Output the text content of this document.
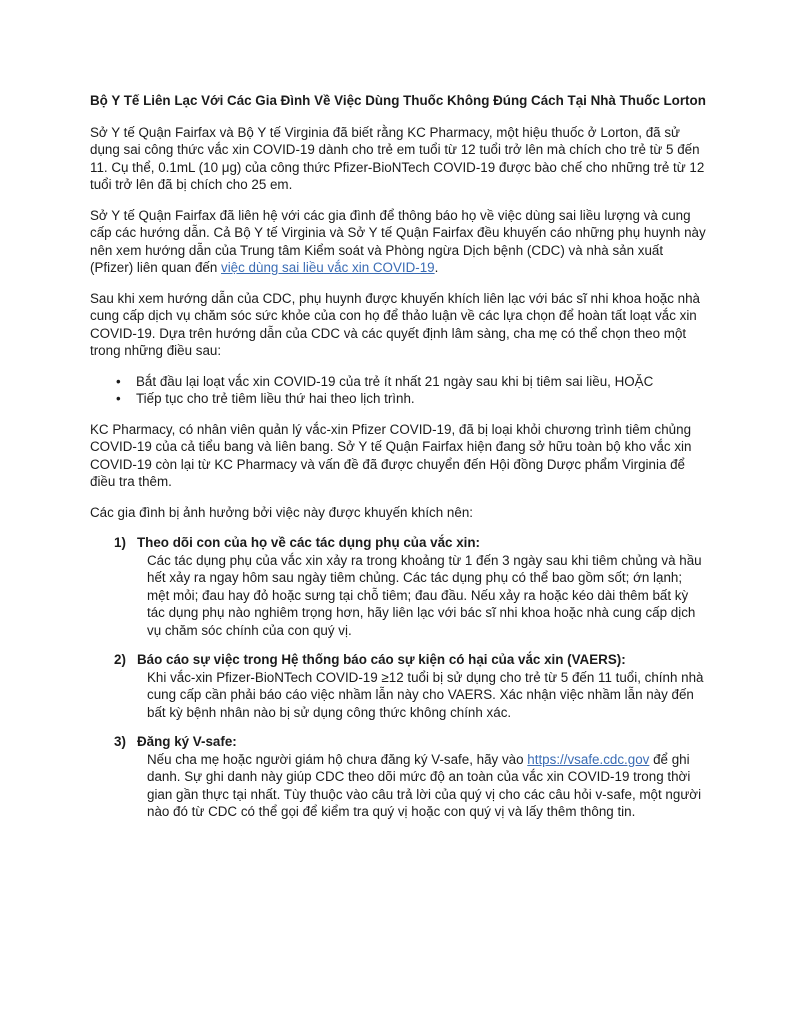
Bộ Y Tế Liên Lạc Với Các Gia Đình Về Việc Dùng Thuốc Không Đúng Cách Tại Nhà Thuốc Lorton
Sở Y tế Quận Fairfax và Bộ Y tế Virginia đã biết rằng KC Pharmacy, một hiệu thuốc ở Lorton, đã sử dụng sai công thức vắc xin COVID-19 dành cho trẻ em tuổi từ 12 tuổi trở lên mà chích cho trẻ từ 5 đến 11. Cụ thể, 0.1mL (10 μg) của công thức Pfizer-BioNTech COVID-19 được bào chế cho những trẻ từ 12 tuổi trở lên đã bị chích cho 25 em.
Sở Y tế Quận Fairfax đã liên hệ với các gia đình để thông báo họ về việc dùng sai liều lượng và cung cấp các hướng dẫn. Cả Bộ Y tế Virginia và Sở Y tế Quận Fairfax đều khuyến cáo những phụ huynh này nên xem hướng dẫn của Trung tâm Kiểm soát và Phòng ngừa Dịch bệnh (CDC) và nhà sản xuất (Pfizer) liên quan đến việc dùng sai liều vắc xin COVID-19.
Sau khi xem hướng dẫn của CDC, phụ huynh được khuyến khích liên lạc với bác sĩ nhi khoa hoặc nhà cung cấp dịch vụ chăm sóc sức khỏe của con họ để thảo luận về các lựa chọn để hoàn tất loạt vắc xin COVID-19. Dựa trên hướng dẫn của CDC và các quyết định lâm sàng, cha mẹ có thể chọn theo một trong những điều sau:
• Bắt đầu lại loạt vắc xin COVID-19 của trẻ ít nhất 21 ngày sau khi bị tiêm sai liều, HOẶC
• Tiếp tục cho trẻ tiêm liều thứ hai theo lịch trình.
KC Pharmacy, có nhân viên quản lý vắc-xin Pfizer COVID-19, đã bị loại khỏi chương trình tiêm chủng COVID-19 của cả tiểu bang và liên bang. Sở Y tế Quận Fairfax hiện đang sở hữu toàn bộ kho vắc xin COVID-19 còn lại từ KC Pharmacy và vấn đề đã được chuyển đến Hội đồng Dược phẩm Virginia để điều tra thêm.
Các gia đình bị ảnh hưởng bởi việc này được khuyến khích nên:
1) Theo dõi con của họ về các tác dụng phụ của vắc xin:
Các tác dụng phụ của vắc xin xảy ra trong khoảng từ 1 đến 3 ngày sau khi tiêm chủng và hầu hết xảy ra ngay hôm sau ngày tiêm chủng. Các tác dụng phụ có thể bao gồm sốt; ớn lạnh; mệt mỏi; đau hay đỏ hoặc sưng tại chỗ tiêm; đau đầu. Nếu xảy ra hoặc kéo dài thêm bất kỳ tác dụng phụ nào nghiêm trọng hơn, hãy liên lạc với bác sĩ nhi khoa hoặc nhà cung cấp dịch vụ chăm sóc chính của con quý vị.
2) Báo cáo sự việc trong Hệ thống báo cáo sự kiện có hại của vắc xin (VAERS):
Khi vắc-xin Pfizer-BioNTech COVID-19 ≥12 tuổi bị sử dụng cho trẻ từ 5 đến 11 tuổi, chính nhà cung cấp cần phải báo cáo việc nhầm lẫn này cho VAERS. Xác nhận việc nhầm lẫn này đến bất kỳ bệnh nhân nào bị sử dụng công thức không chính xác.
3) Đăng ký V-safe:
Nếu cha mẹ hoặc người giám hộ chưa đăng ký V-safe, hãy vào https://vsafe.cdc.gov để ghi danh. Sự ghi danh này giúp CDC theo dõi mức độ an toàn của vắc xin COVID-19 trong thời gian gần thực tại nhất. Tùy thuộc vào câu trả lời của quý vị cho các câu hỏi v-safe, một người nào đó từ CDC có thể gọi để kiểm tra quý vị hoặc con quý vị và lấy thêm thông tin.
